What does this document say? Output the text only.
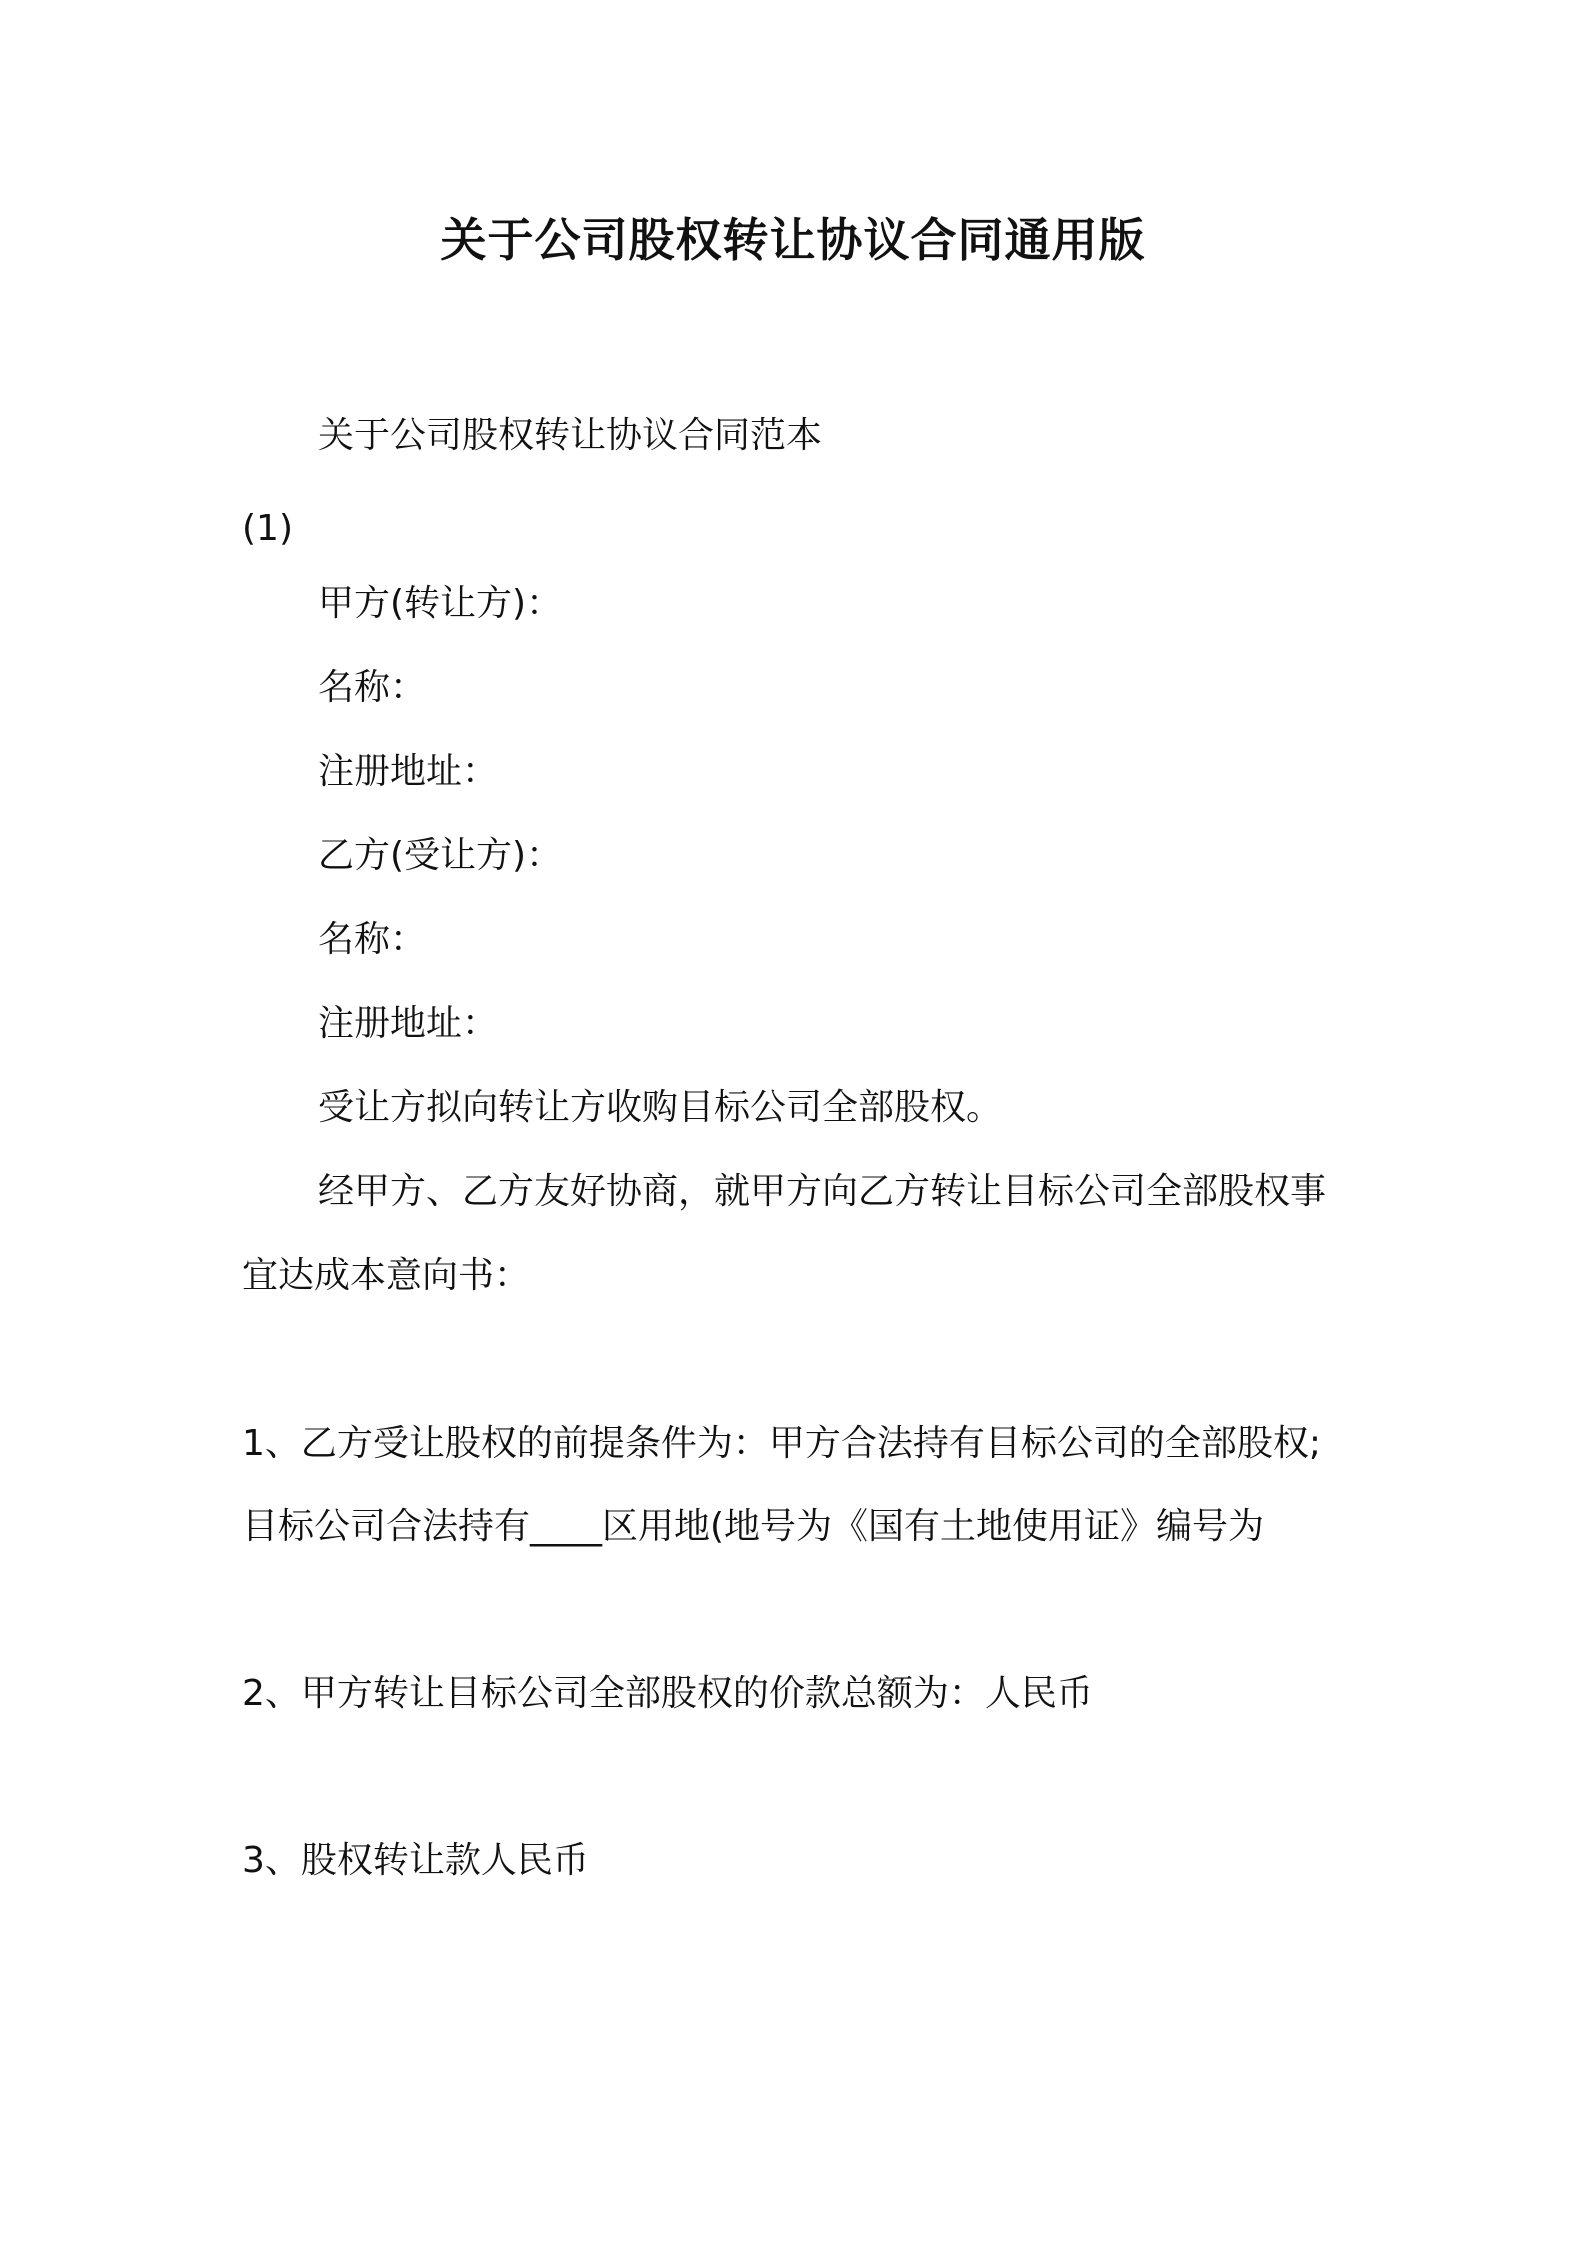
关于公司股权转让协议合同通用版
关于公司股权转让协议合同范本
(1)
甲方(转让方)：
名称：
注册地址：
乙方(受让方)：
名称：
注册地址：
受让方拟向转让方收购目标公司全部股权。
经甲方、乙方友好协商，就甲方向乙方转让目标公司全部股权事
宜达成本意向书：
1、乙方受让股权的前提条件为：甲方合法持有目标公司的全部股权;
目标公司合法持有____区用地(地号为《国有土地使用证》编号为
2、甲方转让目标公司全部股权的价款总额为：人民币
3、股权转让款人民币
